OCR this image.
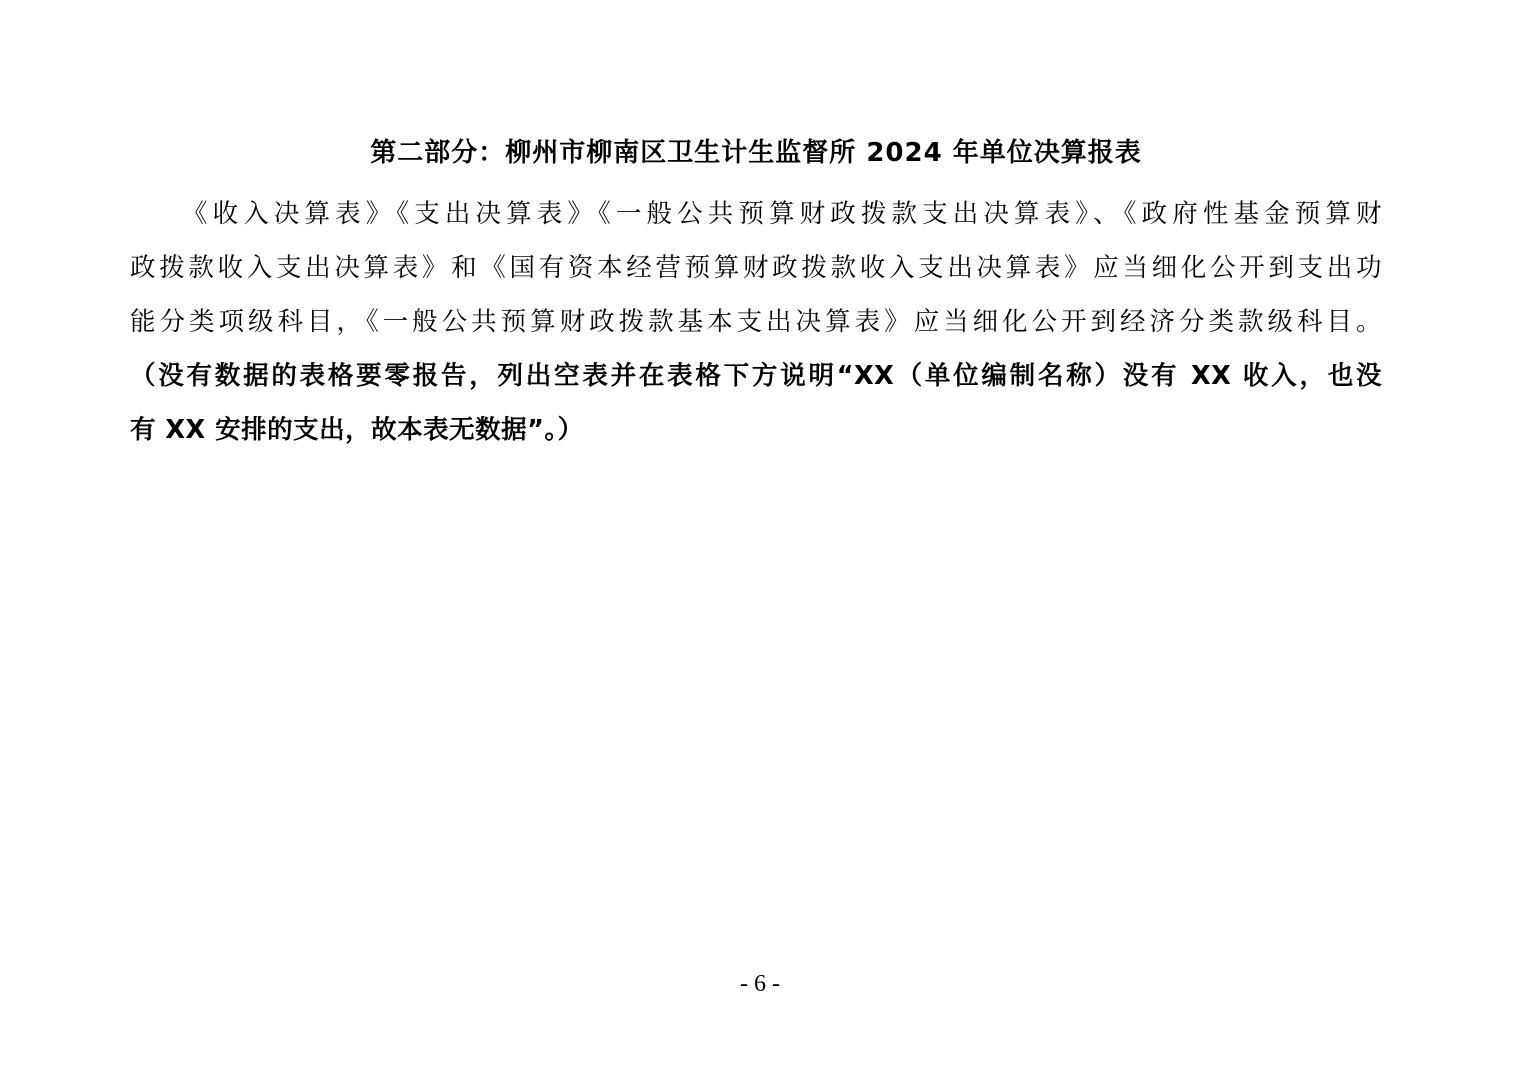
第二部分：柳州市柳南区卫生计生监督所 2024 年单位决算报表
《收入决算表》《支出决算表》《一般公共预算财政拨款支出决算表》、《政府性基金预算财
政拨款收入支出决算表》和《国有资本经营预算财政拨款收入支出决算表》应当细化公开到支出功
能分类项级科目，《一般公共预算财政拨款基本支出决算表》应当细化公开到经济分类款级科目。
（没有数据的表格要零报告，列出空表并在表格下方说明“XX（单位编制名称）没有 XX 收入，也没
有 XX 安排的支出，故本表无数据”。）
- 6 -
